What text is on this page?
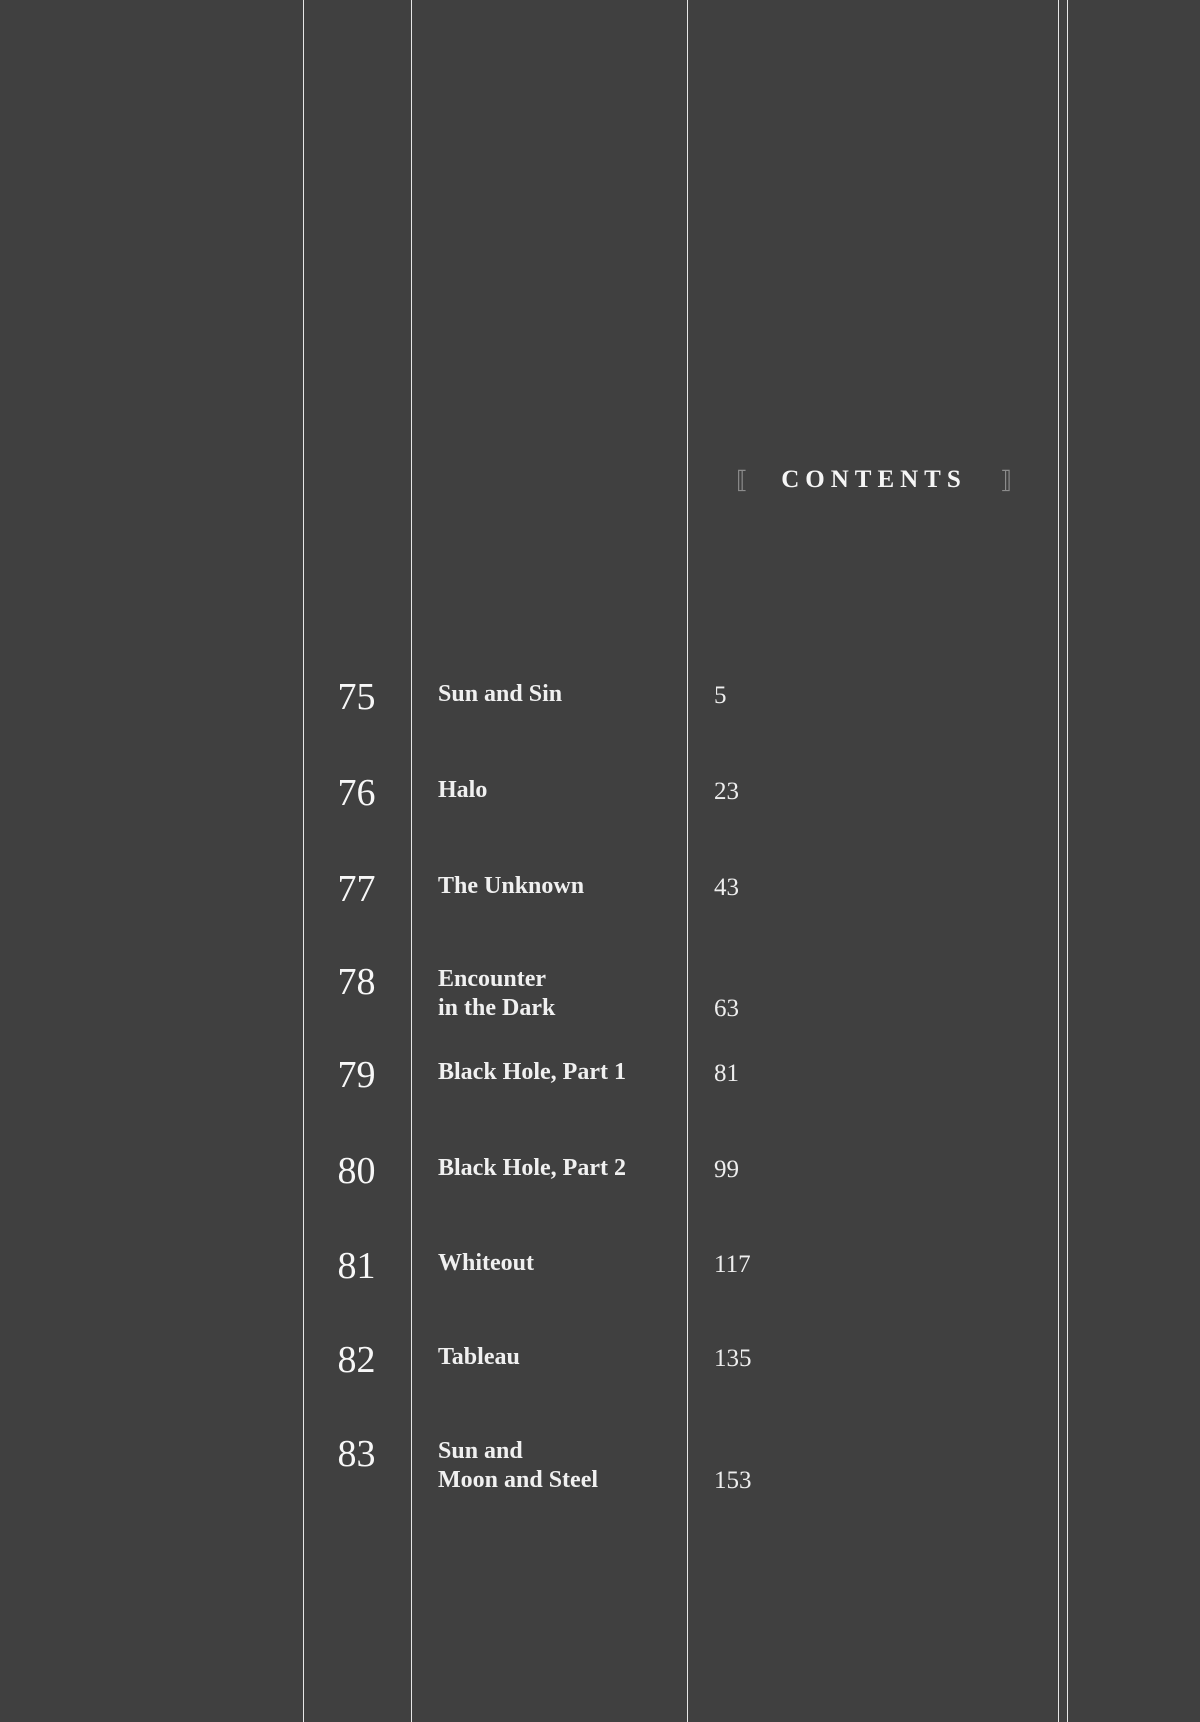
⟦ CONTENTS ⟧
75	Sun and Sin	5
76	Halo	23
77	The Unknown	43
78	Encounter
in the Dark	63
79	Black Hole, Part 1	81
80	Black Hole, Part 2	99
81	Whiteout	117
82	Tableau	135
83	Sun and
Moon and Steel	153
